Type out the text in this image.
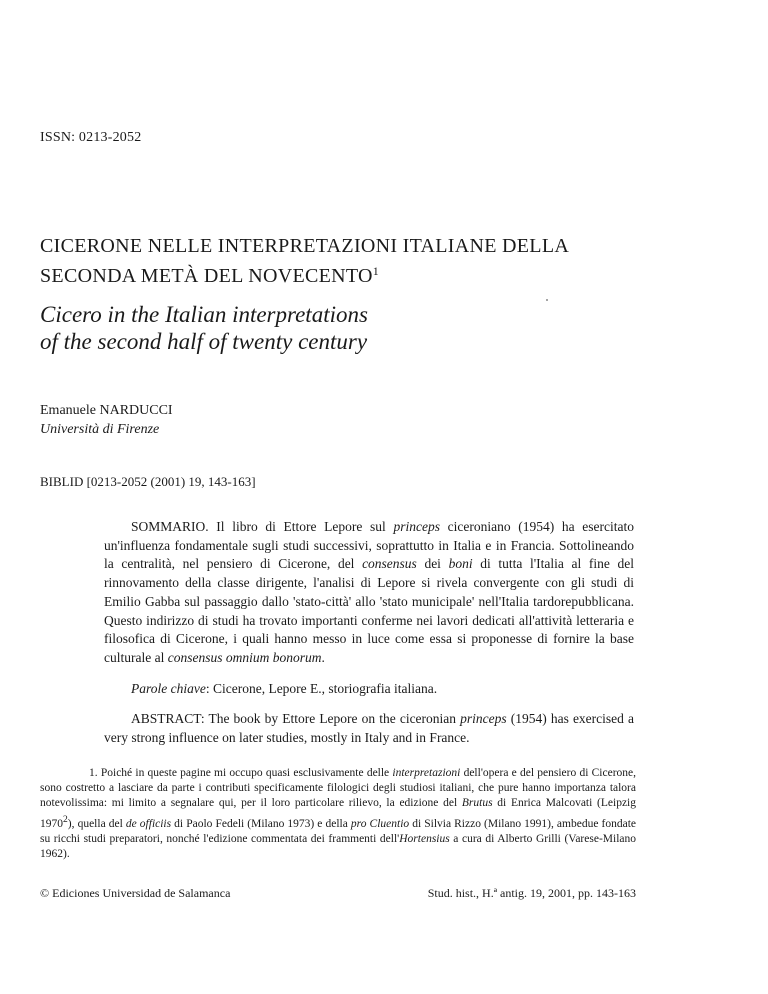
ISSN: 0213-2052
CICERONE NELLE INTERPRETAZIONI ITALIANE DELLA
SECONDA METÀ DEL NOVECENTO$^1$
Cicero in the Italian interpretations
of the second half of twenty century
Emanuele NARDUCCI
Università di Firenze
BIBLID [0213-2052 (2001) 19, 143-163]

SOMMARIO. Il libro di Ettore Lepore sul princeps ciceroniano (1954) ha esercitato un'influenza fondamentale sugli studi successivi, soprattutto in Italia e in Francia. Sottolineando la centralità, nel pensiero di Cicerone, del consensus dei boni di tutta l'Italia al fine del rinnovamento della classe dirigente, l'analisi di Lepore si rivela convergente con gli studi di Emilio Gabba sul passaggio dallo 'stato-città' allo 'stato municipale' nell'Italia tardorepubblicana. Questo indirizzo di studi ha trovato importanti conferme nei lavori dedicati all'attività letteraria e filosofica di Cicerone, i quali hanno messo in luce come essa si proponesse di fornire la base culturale al consensus omnium bonorum.

Parole chiave: Cicerone, Lepore E., storiografia italiana.

ABSTRACT: The book by Ettore Lepore on the ciceronian princeps (1954) has exercised a very strong influence on later studies, mostly in Italy and in France.

1. Poiché in queste pagine mi occupo quasi esclusivamente delle interpretazioni dell'opera e del pensiero di Cicerone, sono costretto a lasciare da parte i contributi specificamente filologici degli studiosi italiani, che pure hanno importanza talora notevolissima: mi limito a segnalare qui, per il loro particolare rilievo, la edizione del Brutus di Enrica Malcovati (Leipzig 1970$^2$), quella del de officiis di Paolo Fedeli (Milano 1973) e della pro Cluentio di Silvia Rizzo (Milano 1991), ambedue fondate su ricchi studi preparatori, nonché l'edizione commentata dei frammenti dell'Hortensius a cura di Alberto Grilli (Varese-Milano 1962).

© Ediciones Universidad de Salamanca	Stud. hist., H.ª antig. 19, 2001, pp. 143-163
